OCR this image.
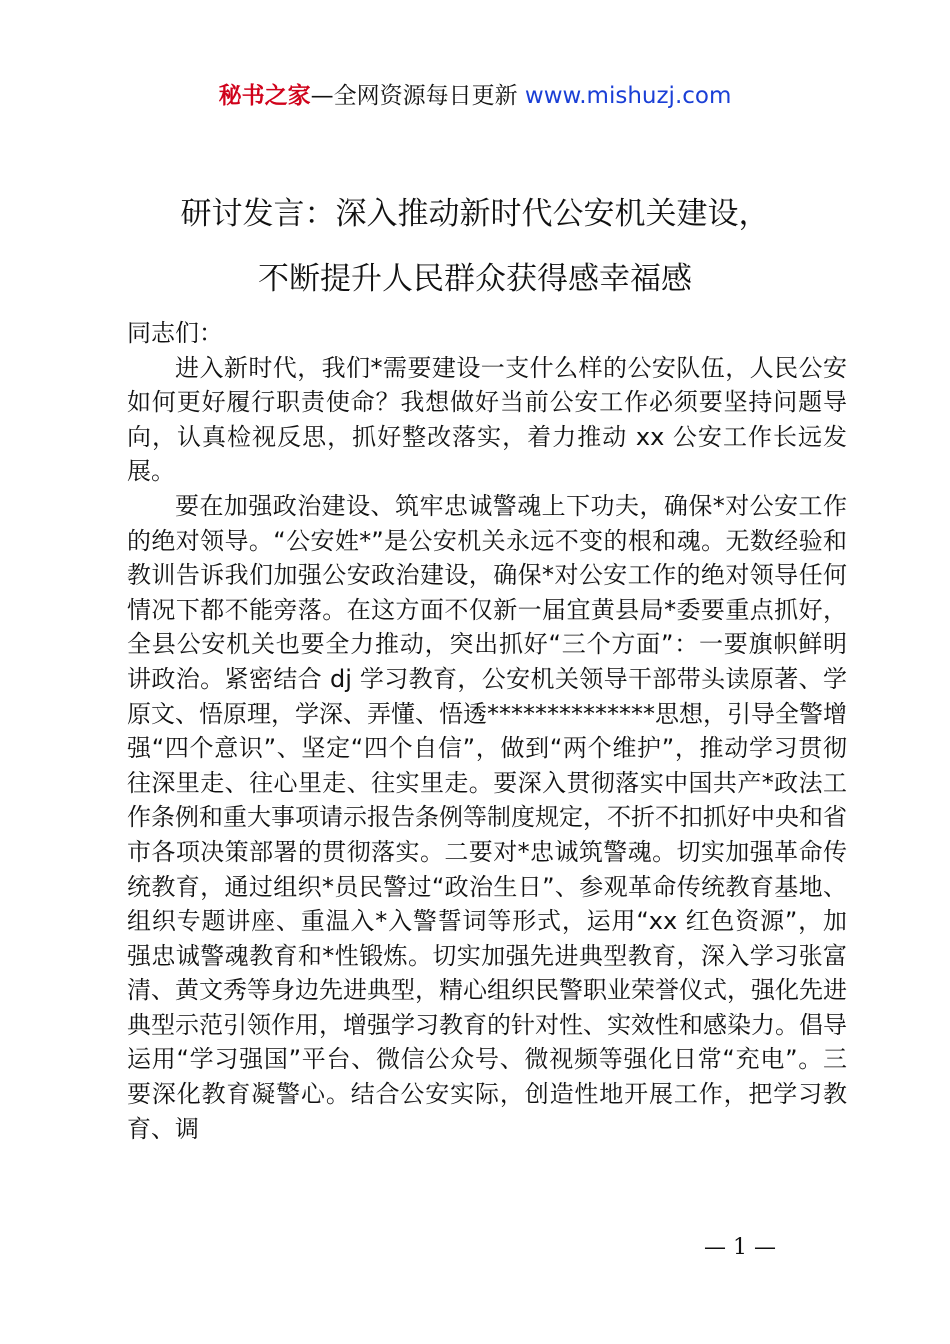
秘书之家—全网资源每日更新 www.mishuzj.com
研讨发言：深入推动新时代公安机关建设，
不断提升人民群众获得感幸福感

同志们：

进入新时代，我们*需要建设一支什么样的公安队伍，人民公安如何更好履行职责使命？我想做好当前公安工作必须要坚持问题导向，认真检视反思，抓好整改落实，着力推动 xx 公安工作长远发展。

要在加强政治建设、筑牢忠诚警魂上下功夫，确保*对公安工作的绝对领导。“公安姓*”是公安机关永远不变的根和魂。无数经验和教训告诉我们加强公安政治建设，确保*对公安工作的绝对领导任何情况下都不能旁落。在这方面不仅新一届宜黄县局*委要重点抓好，全县公安机关也要全力推动，突出抓好“三个方面”：一要旗帜鲜明讲政治。紧密结合 dj 学习教育，公安机关领导干部带头读原著、学原文、悟原理，学深、弄懂、悟透**************思想，引导全警增强“四个意识”、坚定“四个自信”，做到“两个维护”，推动学习贯彻往深里走、往心里走、往实里走。要深入贯彻落实中国共产*政法工作条例和重大事项请示报告条例等制度规定，不折不扣抓好中央和省市各项决策部署的贯彻落实。二要对*忠诚筑警魂。切实加强革命传统教育，通过组织*员民警过“政治生日”、参观革命传统教育基地、组织专题讲座、重温入*入警誓词等形式，运用“xx 红色资源”，加强忠诚警魂教育和*性锻炼。切实加强先进典型教育，深入学习张富清、黄文秀等身边先进典型，精心组织民警职业荣誉仪式，强化先进典型示范引领作用，增强学习教育的针对性、实效性和感染力。倡导运用“学习强国”平台、微信公众号、微视频等强化日常“充电”。三要深化教育凝警心。结合公安实际，创造性地开展工作，把学习教育、调

— 1 —
